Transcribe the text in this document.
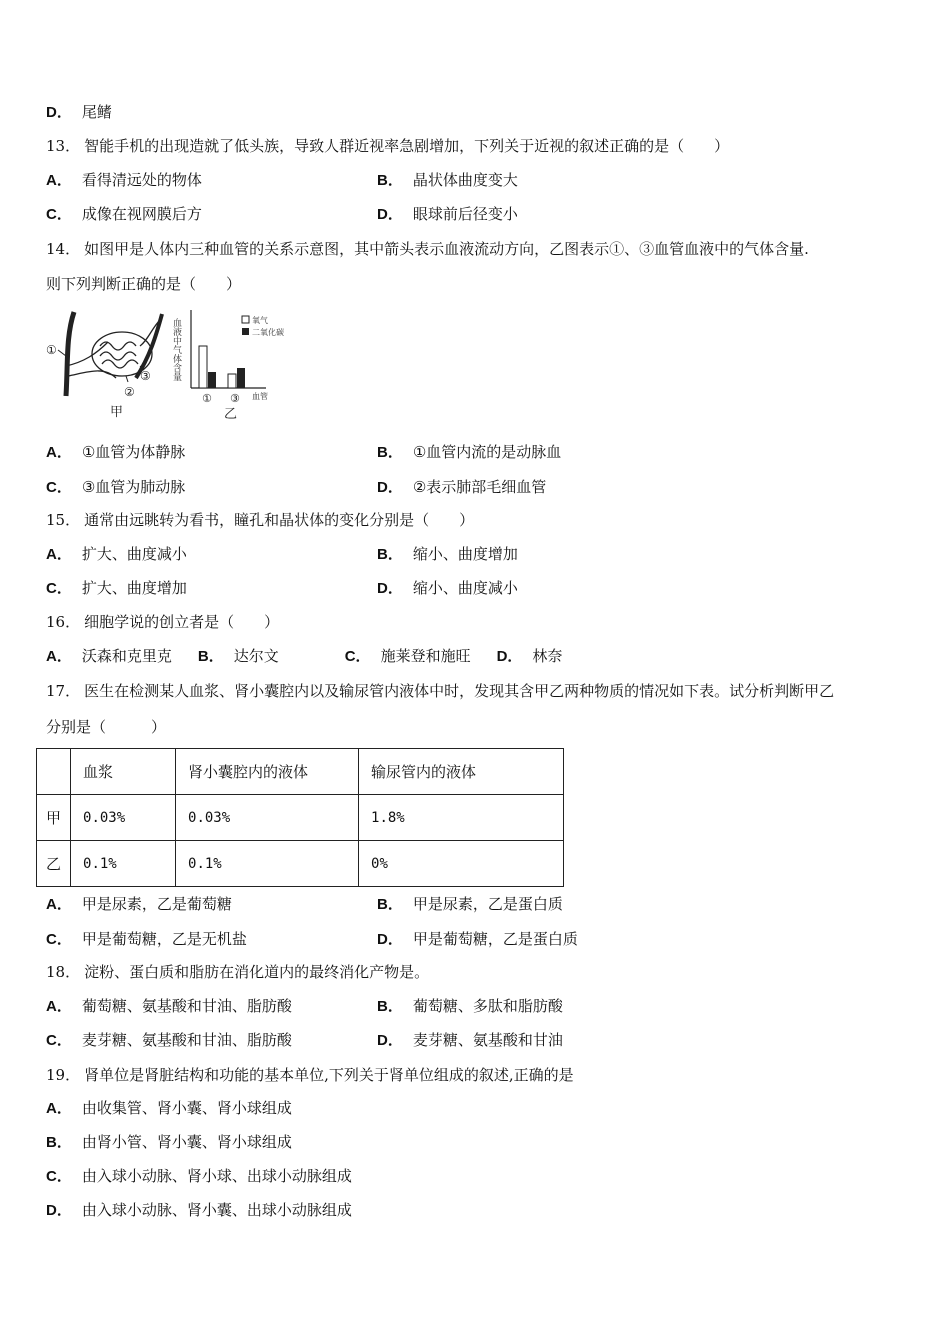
D． 尾鳍
13． 智能手机的出现造就了低头族，导致人群近视率急剧增加，下列关于近视的叙述正确的是（　　）
A． 看得清远处的物体	B． 晶状体曲度变大
C． 成像在视网膜后方	D． 眼球前后径变小
14． 如图甲是人体内三种血管的关系示意图，其中箭头表示血液流动方向，乙图表示①、③血管血液中的气体含量.
则下列判断正确的是（　　）
①
②
③
甲
血液中气体含量
① ③ 血管
乙
氧气
二氧化碳
A． ①血管为体静脉	B． ①血管内流的是动脉血
C． ③血管为肺动脉	D． ②表示肺部毛细血管
15． 通常由远眺转为看书，瞳孔和晶状体的变化分别是（　　）
A． 扩大、曲度减小	B． 缩小、曲度增加
C． 扩大、曲度增加	D． 缩小、曲度减小
16． 细胞学说的创立者是（　　）
A． 沃森和克里克 B． 达尔文	C． 施莱登和施旺 D． 林奈
17． 医生在检测某人血浆、肾小囊腔内以及输尿管内液体中时，发现其含甲乙两种物质的情况如下表。试分析判断甲乙
分别是（　　　）
	血浆	肾小囊腔内的液体	输尿管内的液体
甲	0.03%	0.03%	1.8%
乙	0.1%	0.1%	0%
A． 甲是尿素，乙是葡萄糖	B． 甲是尿素，乙是蛋白质
C． 甲是葡萄糖，乙是无机盐	D． 甲是葡萄糖，乙是蛋白质
18． 淀粉、蛋白质和脂肪在消化道内的最终消化产物是。
A． 葡萄糖、氨基酸和甘油、脂肪酸	B． 葡萄糖、多肽和脂肪酸
C． 麦芽糖、氨基酸和甘油、脂肪酸	D． 麦芽糖、氨基酸和甘油
19． 肾单位是肾脏结构和功能的基本单位,下列关于肾单位组成的叙述,正确的是
A． 由收集管、肾小囊、肾小球组成
B． 由肾小管、肾小囊、肾小球组成
C． 由入球小动脉、肾小球、出球小动脉组成
D． 由入球小动脉、肾小囊、出球小动脉组成
